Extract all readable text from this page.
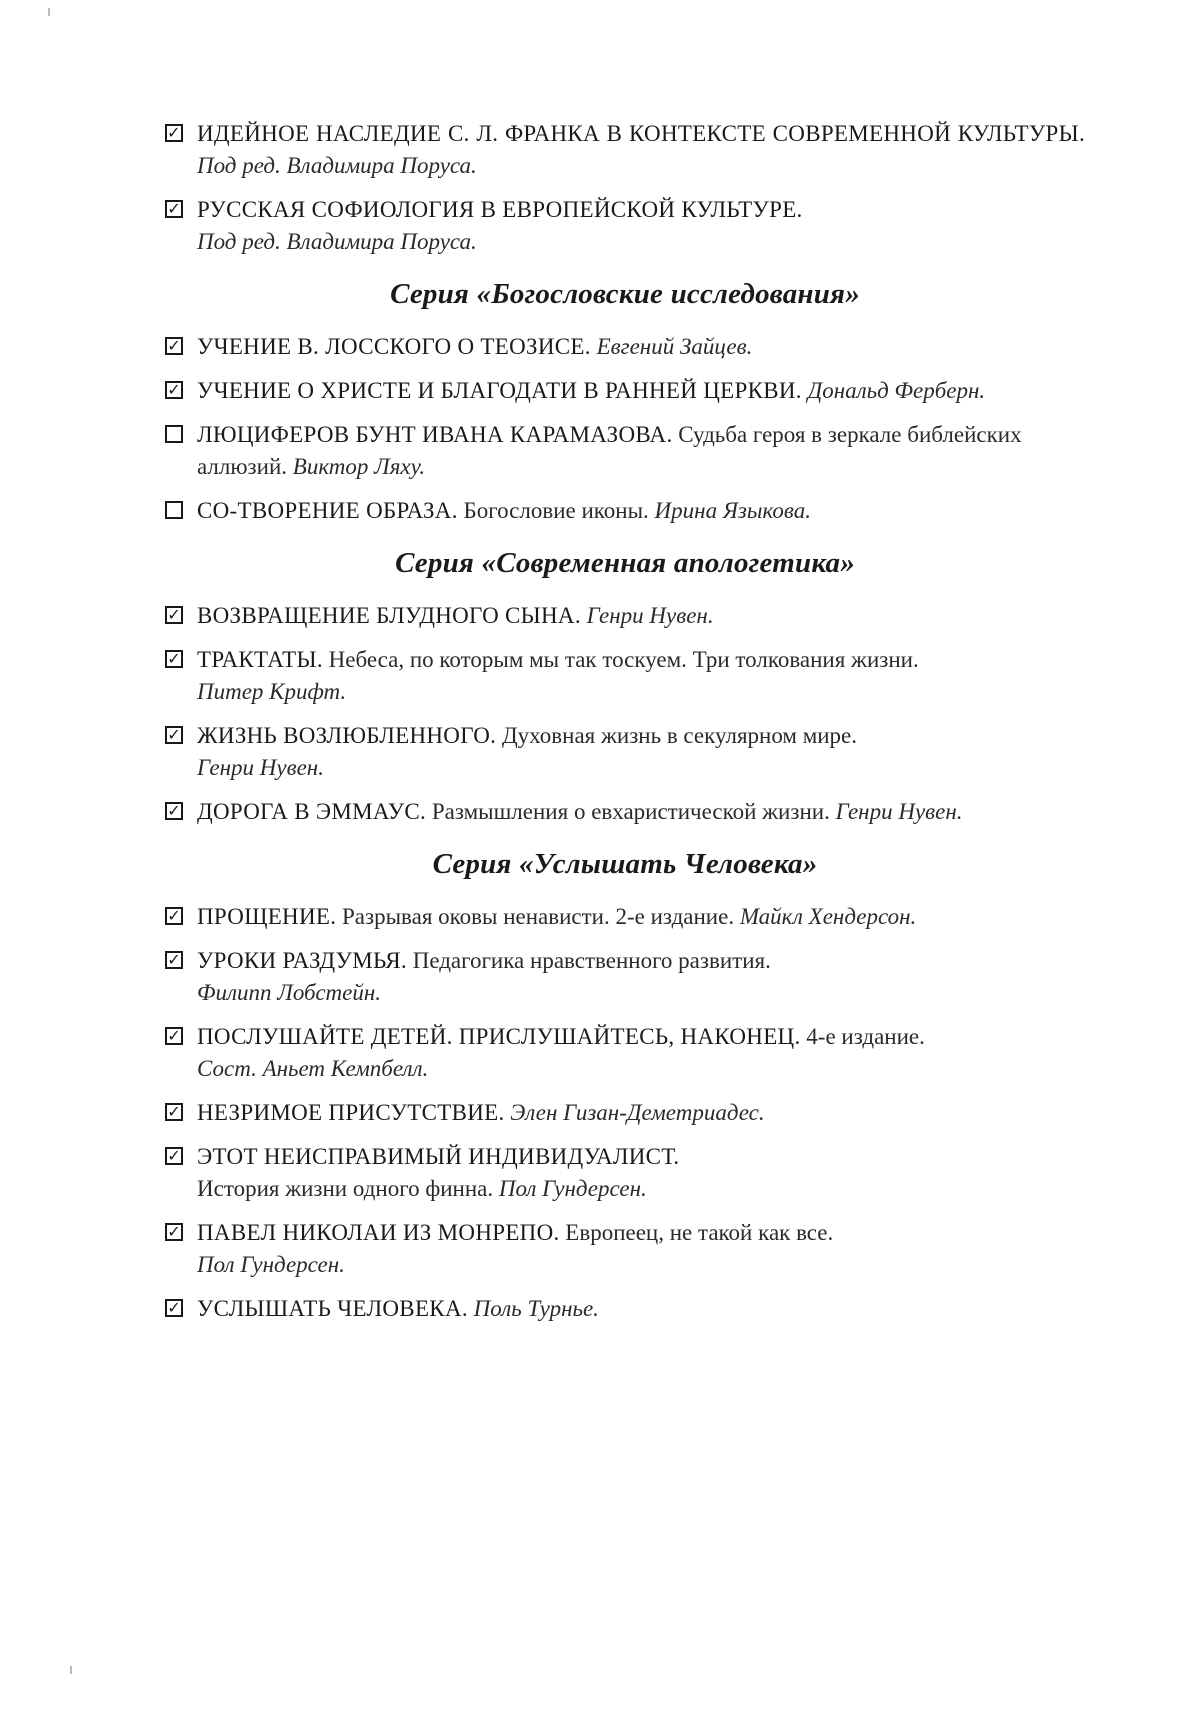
✓ ИДЕЙНОЕ НАСЛЕДИЕ С. Л. ФРАНКА В КОНТЕКСТЕ СОВРЕМЕННОЙ КУЛЬТУРЫ. Под ред. Владимира Поруса.
✓ РУССКАЯ СОФИОЛОГИЯ В ЕВРОПЕЙСКОЙ КУЛЬТУРЕ.
Под ред. Владимира Поруса.
Серия «Богословские исследования»
✓ УЧЕНИЕ В. ЛОССКОГО О ТЕОЗИСЕ. Евгений Зайцев.
✓ УЧЕНИЕ О ХРИСТЕ И БЛАГОДАТИ В РАННЕЙ ЦЕРКВИ. Дональд Ферберн.
ЛЮЦИФЕРОВ БУНТ ИВАНА КАРАМАЗОВА. Судьба героя в зеркале библейских аллюзий. Виктор Ляху.
СО-ТВОРЕНИЕ ОБРАЗА. Богословие иконы. Ирина Языкова.
Серия «Современная апологетика»
✓ ВОЗВРАЩЕНИЕ БЛУДНОГО СЫНА. Генри Нувен.
✓ ТРАКТАТЫ. Небеса, по которым мы так тоскуем. Три толкования жизни.
Питер Крифт.
✓ ЖИЗНЬ ВОЗЛЮБЛЕННОГО. Духовная жизнь в секулярном мире.
Генри Нувен.
✓ ДОРОГА В ЭММАУС. Размышления о евхаристической жизни. Генри Нувен.
Серия «Услышать Человека»
✓ ПРОЩЕНИЕ. Разрывая оковы ненависти. 2-е издание. Майкл Хендерсон.
✓ УРОКИ РАЗДУМЬЯ. Педагогика нравственного развития.
Филипп Лобстейн.
✓ ПОСЛУШАЙТЕ ДЕТЕЙ. ПРИСЛУШАЙТЕСЬ, НАКОНЕЦ. 4-е издание.
Сост. Аньет Кемпбелл.
✓ НЕЗРИМОЕ ПРИСУТСТВИЕ. Элен Гизан-Деметриадес.
✓ ЭТОТ НЕИСПРАВИМЫЙ ИНДИВИДУАЛИСТ.
История жизни одного финна. Пол Гундерсен.
✓ ПАВЕЛ НИКОЛАИ ИЗ МОНРЕПО. Европеец, не такой как все.
Пол Гундерсен.
✓ УСЛЫШАТЬ ЧЕЛОВЕКА. Поль Турнье.
